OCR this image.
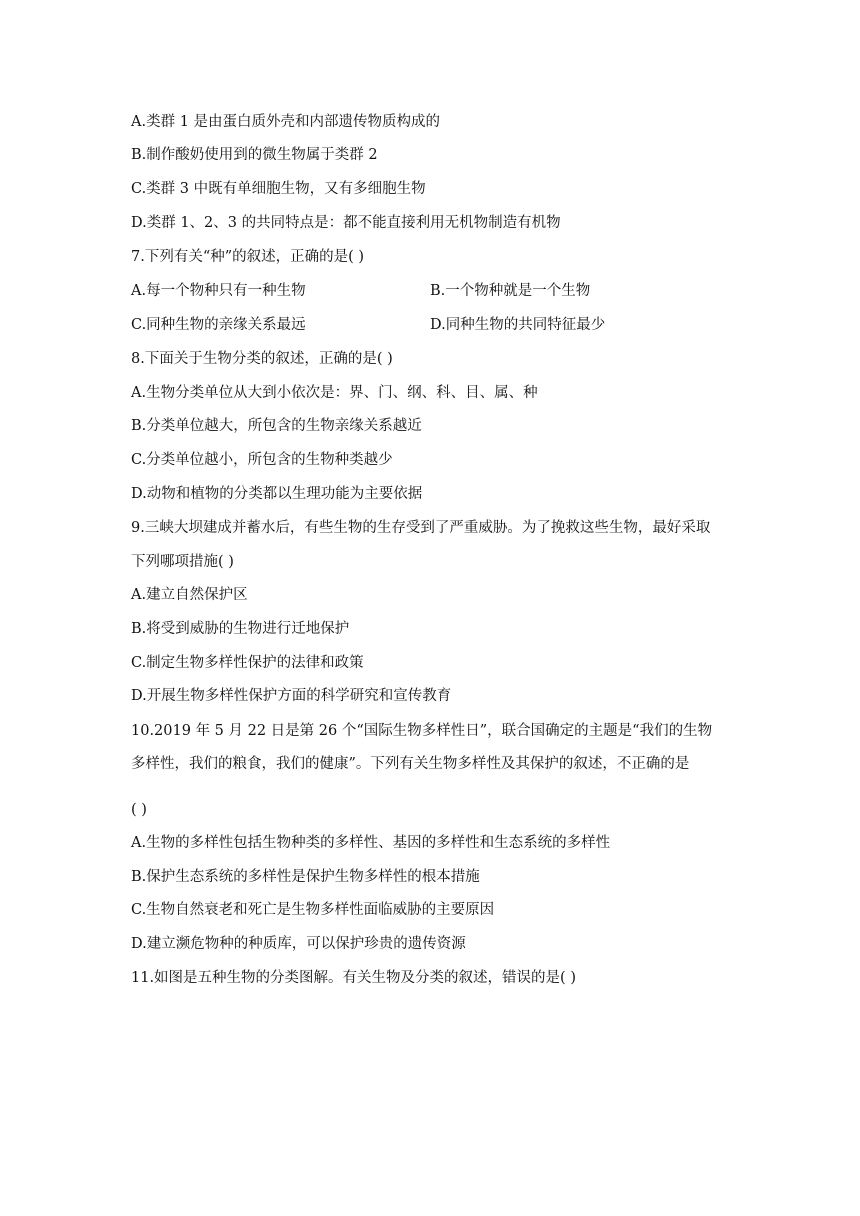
A.类群 1 是由蛋白质外壳和内部遗传物质构成的
B.制作酸奶使用到的微生物属于类群 2
C.类群 3 中既有单细胞生物，又有多细胞生物
D.类群 1、2、3 的共同特点是：都不能直接利用无机物制造有机物
7.下列有关“种”的叙述，正确的是( )
A.每一个物种只有一种生物	B.一个物种就是一个生物
C.同种生物的亲缘关系最远	D.同种生物的共同特征最少
8.下面关于生物分类的叙述，正确的是( )
A.生物分类单位从大到小依次是：界、门、纲、科、目、属、种
B.分类单位越大，所包含的生物亲缘关系越近
C.分类单位越小，所包含的生物种类越少
D.动物和植物的分类都以生理功能为主要依据
9.三峡大坝建成并蓄水后，有些生物的生存受到了严重威胁。为了挽救这些生物，最好采取
下列哪项措施( )
A.建立自然保护区
B.将受到威胁的生物进行迁地保护
C.制定生物多样性保护的法律和政策
D.开展生物多样性保护方面的科学研究和宣传教育
10.2019 年 5 月 22 日是第 26 个“国际生物多样性日”，联合国确定的主题是“我们的生物
多样性，我们的粮食，我们的健康”。下列有关生物多样性及其保护的叙述，不正确的是
( )
A.生物的多样性包括生物种类的多样性、基因的多样性和生态系统的多样性
B.保护生态系统的多样性是保护生物多样性的根本措施
C.生物自然衰老和死亡是生物多样性面临威胁的主要原因
D.建立濒危物种的种质库，可以保护珍贵的遗传资源
11.如图是五种生物的分类图解。有关生物及分类的叙述，错误的是( )
